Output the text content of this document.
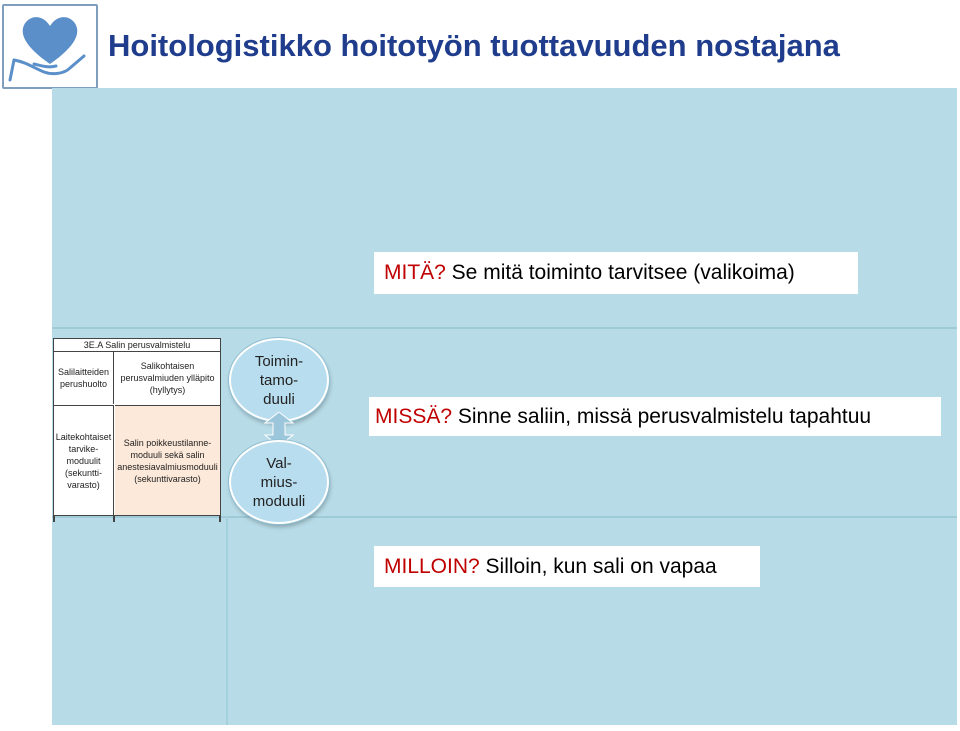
Hoitologistikko hoitotyön tuottavuuden nostajana
MITÄ? Se mitä toiminto tarvitsee (valikoima)
3E.A Salin perusvalmistelu
Salilaitteiden
perushuolto
Salikohtaisen
perusvalmiuden ylläpito
(hyllytys)
Laitekohtaiset
tarvike-
moduulit
(sekuntti-
varasto)
Salin poikkeustilanne-
moduuli sekä salin
anestesiavalmiusmoduuli
(sekunttivarasto)
Toimin-
tamo-
duuli
Val-
mius-
moduuli
MISSÄ? Sinne saliin, missä perusvalmistelu tapahtuu
MILLOIN? Silloin, kun sali on vapaa
